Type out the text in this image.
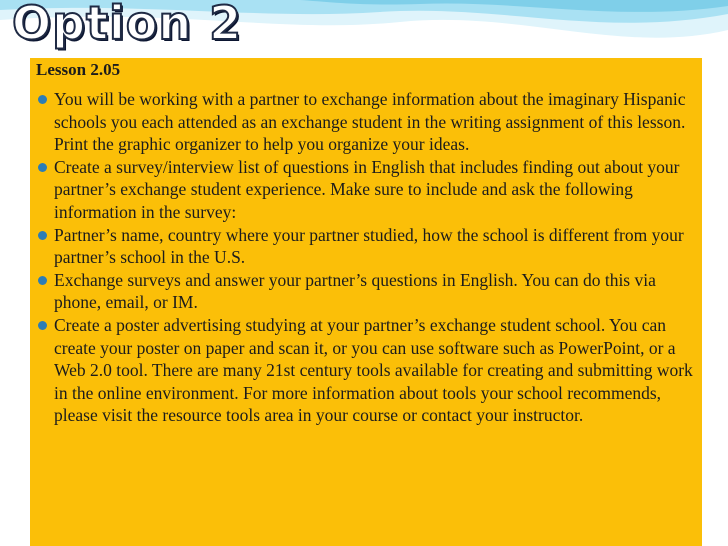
Option 2
Lesson 2.05
You will be working with a partner to exchange information about the imaginary Hispanic schools you each attended as an exchange student in the writing assignment of this lesson. Print the graphic organizer to help you organize your ideas.
Create a survey/interview list of questions in English that includes finding out about your partner’s exchange student experience. Make sure to include and ask the following information in the survey:
Partner’s name, country where your partner studied, how the school is different from your partner’s school in the U.S.
Exchange surveys and answer your partner’s questions in English. You can do this via phone, email, or IM.
Create a poster advertising studying at your partner’s exchange student school. You can create your poster on paper and scan it, or you can use software such as PowerPoint, or a Web 2.0 tool. There are many 21st century tools available for creating and submitting work in the online environment. For more information about tools your school recommends, please visit the resource tools area in your course or contact your instructor.
